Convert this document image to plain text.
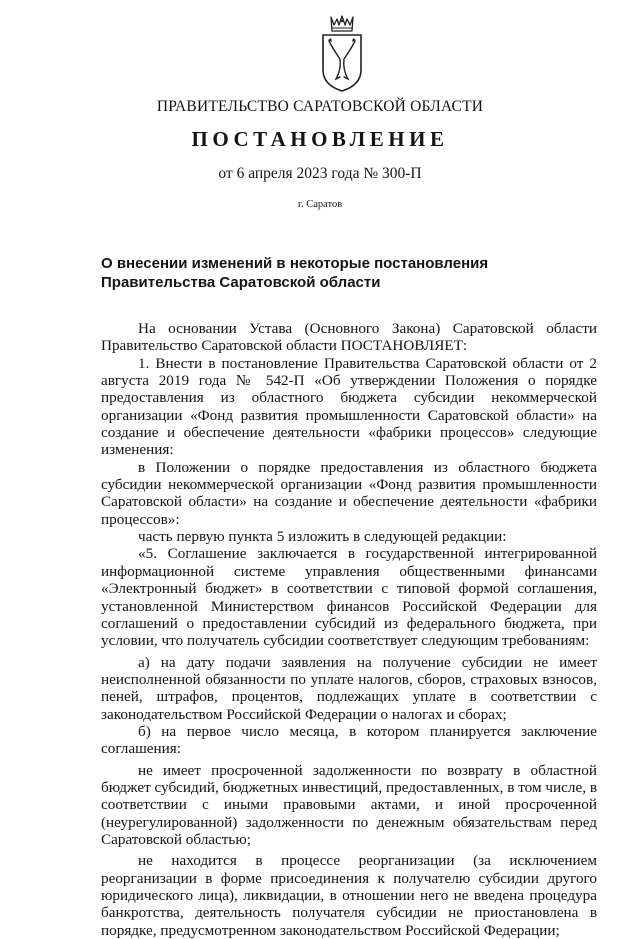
ПРАВИТЕЛЬСТВО САРАТОВСКОЙ ОБЛАСТИ
ПОСТАНОВЛЕНИЕ
от 6 апреля 2023 года № 300-П
г. Саратов
О внесении изменений в некоторые постановления
Правительства Саратовской области

На основании Устава (Основного Закона) Саратовской области Правительство Саратовской области ПОСТАНОВЛЯЕТ:

1. Внести в постановление Правительства Саратовской области от 2 августа 2019 года № 542-П «Об утверждении Положения о порядке предоставления из областного бюджета субсидии некоммерческой организации «Фонд развития промышленности Саратовской области» на создание и обеспечение деятельности «фабрики процессов» следующие изменения:

в Положении о порядке предоставления из областного бюджета субсидии некоммерческой организации «Фонд развития промышленности Саратовской области» на создание и обеспечение деятельности «фабрики процессов»:

часть первую пункта 5 изложить в следующей редакции:

«5. Соглашение заключается в государственной интегрированной информационной системе управления общественными финансами «Электронный бюджет» в соответствии с типовой формой соглашения, установленной Министерством финансов Российской Федерации для соглашений о предоставлении субсидий из федерального бюджета, при условии, что получатель субсидии соответствует следующим требованиям:

а) на дату подачи заявления на получение субсидии не имеет неисполненной обязанности по уплате налогов, сборов, страховых взносов, пеней, штрафов, процентов, подлежащих уплате в соответствии с законодательством Российской Федерации о налогах и сборах;

б) на первое число месяца, в котором планируется заключение соглашения:

не имеет просроченной задолженности по возврату в областной бюджет субсидий, бюджетных инвестиций, предоставленных, в том числе, в соответствии с иными правовыми актами, и иной просроченной (неурегулированной) задолженности по денежным обязательствам перед Саратовской областью;

не находится в процессе реорганизации (за исключением реорганизации в форме присоединения к получателю субсидии другого юридического лица), ликвидации, в отношении него не введена процедура банкротства, деятельность получателя субсидии не приостановлена в порядке, предусмотренном законодательством Российской Федерации;
